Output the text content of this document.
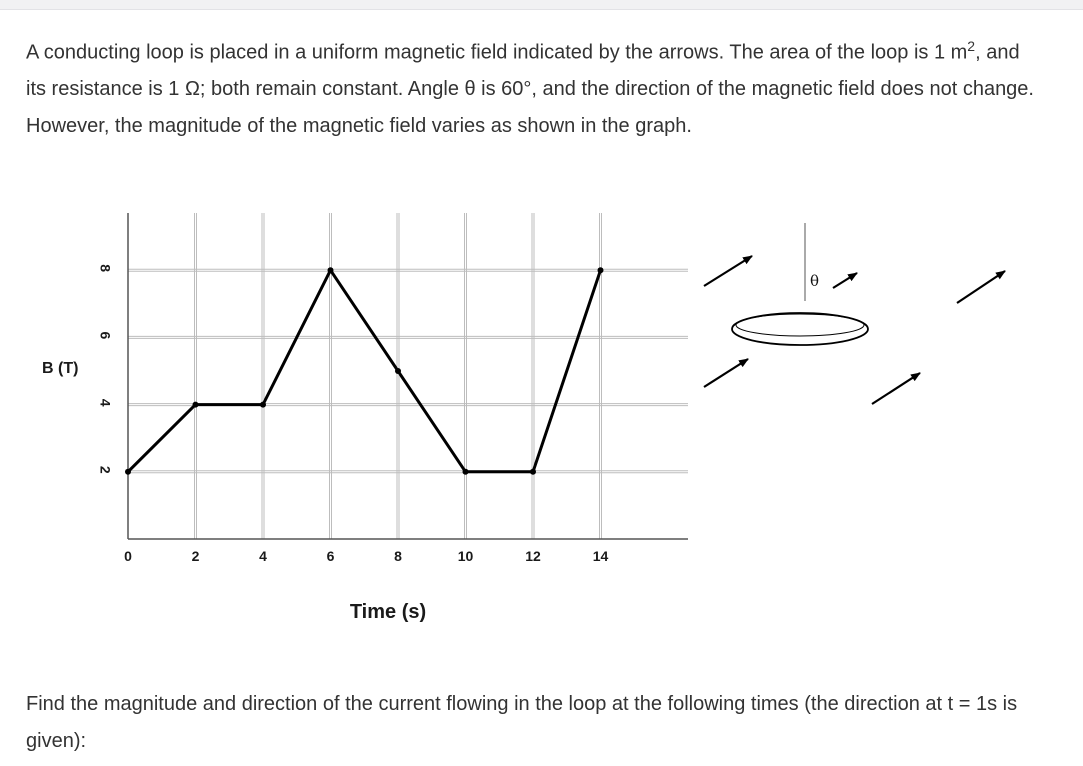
A conducting loop is placed in a uniform magnetic field indicated by the arrows. The area of the loop is 1 $m^2$, and its resistance is 1 Ω; both remain constant. Angle θ is 60°, and the direction of the magnetic field does not change. However, the magnitude of the magnetic field varies as shown in the graph.

0	2	4	6	8	10	12	14
2
4
6
8
B (T)
Time (s)
θ

Find the magnitude and direction of the current flowing in the loop at the following times (the direction at t = 1s is given):
